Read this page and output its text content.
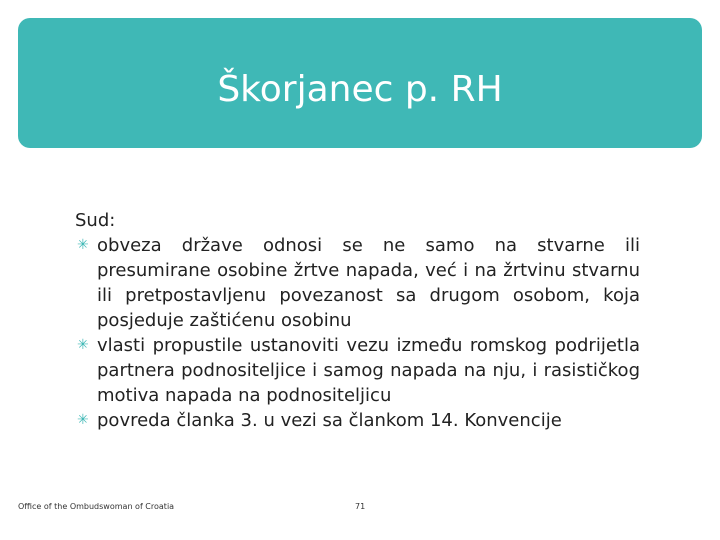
Škorjanec p. RH

Sud:

✳ obveza države odnosi se ne samo na stvarne ili presumirane osobine žrtve napada, već i na žrtvinu stvarnu ili pretpostavljenu povezanost sa drugom osobom, koja posjeduje zaštićenu osobinu
✳ vlasti propustile ustanoviti vezu između romskog podrijetla partnera podnositeljice i samog napada na nju, i rasističkog motiva napada na podnositeljicu
✳ povreda članka 3. u vezi sa člankom 14. Konvencije
Office of the Ombudswoman of Croatia	71
